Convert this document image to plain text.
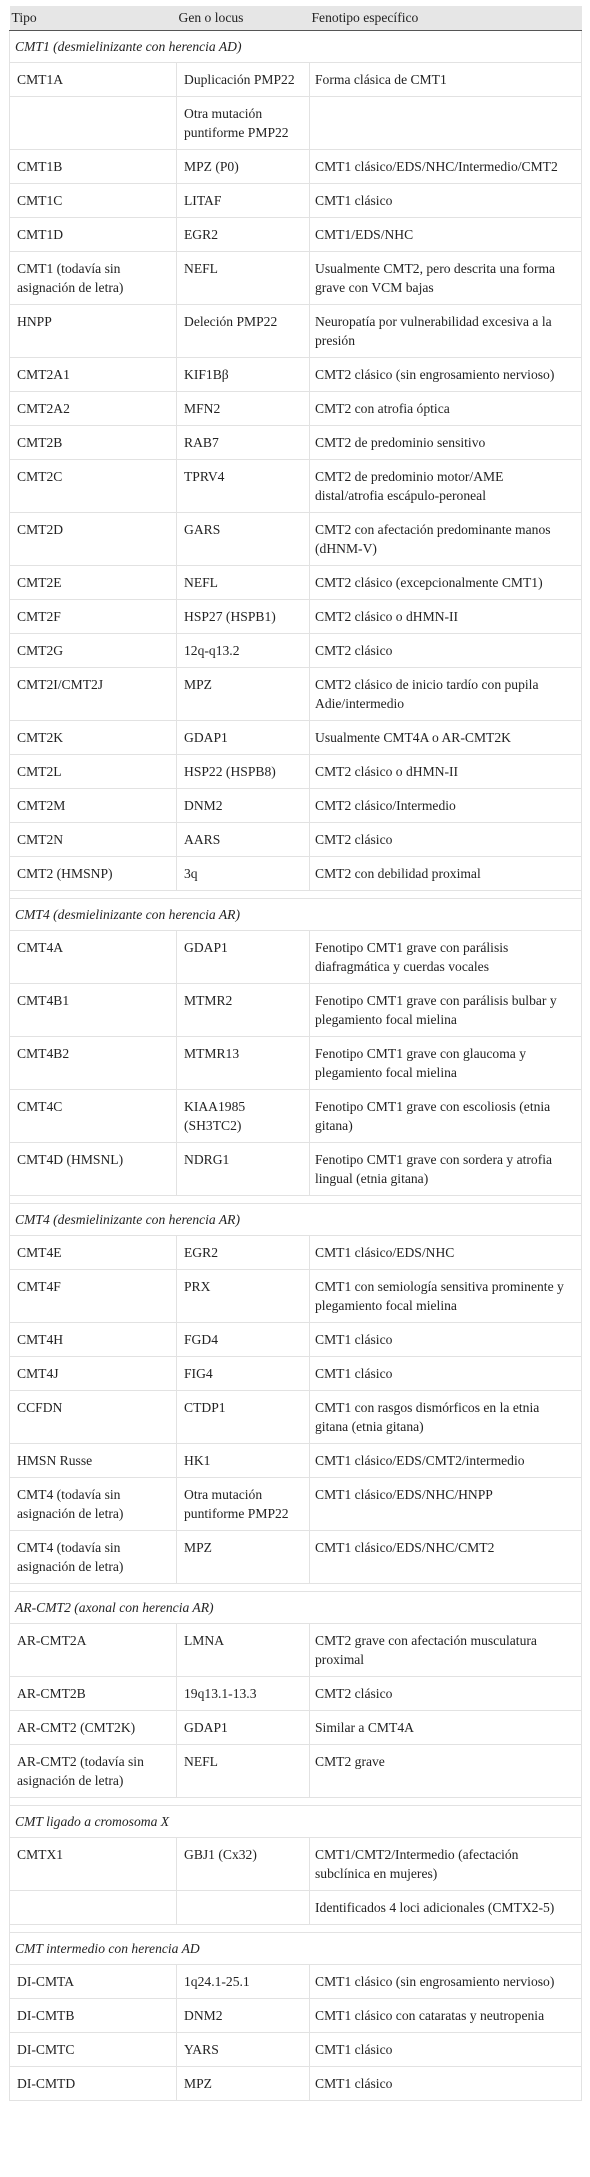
Tipo	Gen o locus	Fenotipo específico
CMT1 (desmielinizante con herencia AD)		
CMT1A	Duplicación PMP22	Forma clásica de CMT1
	Otra mutación puntiforme PMP22	
CMT1B	MPZ (P0)	CMT1 clásico/EDS/NHC/Intermedio/CMT2
CMT1C	LITAF	CMT1 clásico
CMT1D	EGR2	CMT1/EDS/NHC
CMT1 (todavía sin asignación de letra)	NEFL	Usualmente CMT2, pero descrita una forma grave con VCM bajas
HNPP	Deleción PMP22	Neuropatía por vulnerabilidad excesiva a la presión
CMT2A1	KIF1Bβ	CMT2 clásico (sin engrosamiento nervioso)
CMT2A2	MFN2	CMT2 con atrofia óptica
CMT2B	RAB7	CMT2 de predominio sensitivo
CMT2C	TPRV4	CMT2 de predominio motor/AME distal/atrofia escápulo-peroneal
CMT2D	GARS	CMT2 con afectación predominante manos (dHNM-V)
CMT2E	NEFL	CMT2 clásico (excepcionalmente CMT1)
CMT2F	HSP27 (HSPB1)	CMT2 clásico o dHMN-II
CMT2G	12q-q13.2	CMT2 clásico
CMT2I/CMT2J	MPZ	CMT2 clásico de inicio tardío con pupila Adie/intermedio
CMT2K	GDAP1	Usualmente CMT4A o AR-CMT2K
CMT2L	HSP22 (HSPB8)	CMT2 clásico o dHMN-II
CMT2M	DNM2	CMT2 clásico/Intermedio
CMT2N	AARS	CMT2 clásico
CMT2 (HMSNP)	3q	CMT2 con debilidad proximal

CMT4 (desmielinizante con herencia AR)		
CMT4A	GDAP1	Fenotipo CMT1 grave con parálisis diafragmática y cuerdas vocales
CMT4B1	MTMR2	Fenotipo CMT1 grave con parálisis bulbar y plegamiento focal mielina
CMT4B2	MTMR13	Fenotipo CMT1 grave con glaucoma y plegamiento focal mielina
CMT4C	KIAA1985 (SH3TC2)	Fenotipo CMT1 grave con escoliosis (etnia gitana)
CMT4D (HMSNL)	NDRG1	Fenotipo CMT1 grave con sordera y atrofia lingual (etnia gitana)

CMT4 (desmielinizante con herencia AR)		
CMT4E	EGR2	CMT1 clásico/EDS/NHC
CMT4F	PRX	CMT1 con semiología sensitiva prominente y plegamiento focal mielina
CMT4H	FGD4	CMT1 clásico
CMT4J	FIG4	CMT1 clásico
CCFDN	CTDP1	CMT1 con rasgos dismórficos en la etnia gitana (etnia gitana)
HMSN Russe	HK1	CMT1 clásico/EDS/CMT2/intermedio
CMT4 (todavía sin asignación de letra)	Otra mutación puntiforme PMP22	CMT1 clásico/EDS/NHC/HNPP
CMT4 (todavía sin asignación de letra)	MPZ	CMT1 clásico/EDS/NHC/CMT2

AR-CMT2 (axonal con herencia AR)		
AR-CMT2A	LMNA	CMT2 grave con afectación musculatura proximal
AR-CMT2B	19q13.1-13.3	CMT2 clásico
AR-CMT2 (CMT2K)	GDAP1	Similar a CMT4A
AR-CMT2 (todavía sin asignación de letra)	NEFL	CMT2 grave

CMT ligado a cromosoma X		
CMTX1	GBJ1 (Cx32)	CMT1/CMT2/Intermedio (afectación subclínica en mujeres)
		Identificados 4 loci adicionales (CMTX2-5)

CMT intermedio con herencia AD		
DI-CMTA	1q24.1-25.1	CMT1 clásico (sin engrosamiento nervioso)
DI-CMTB	DNM2	CMT1 clásico con cataratas y neutropenia
DI-CMTC	YARS	CMT1 clásico
DI-CMTD	MPZ	CMT1 clásico
